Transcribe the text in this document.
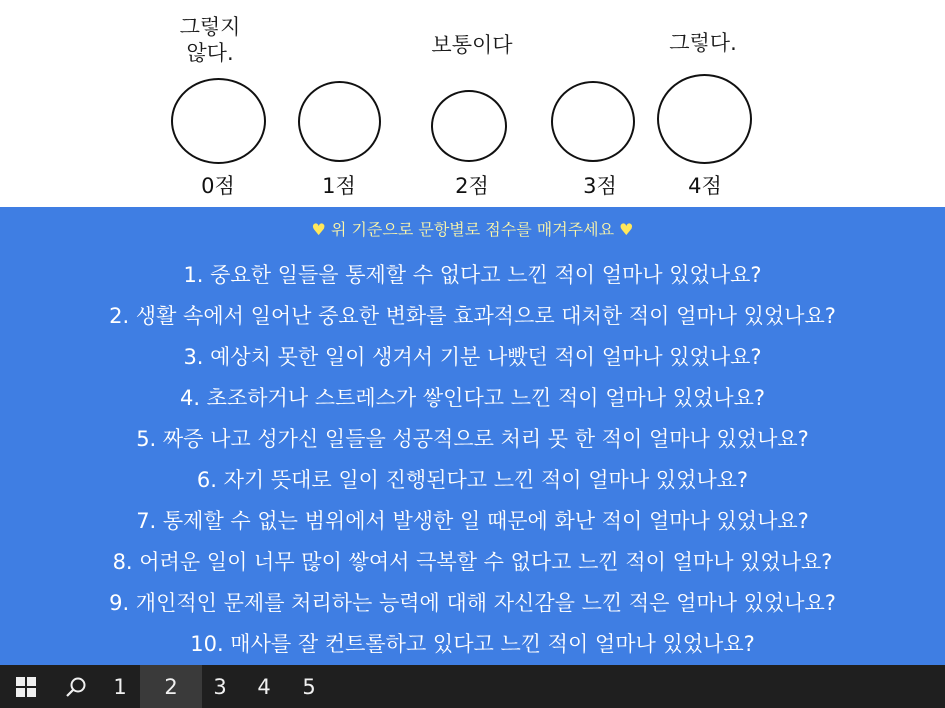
그렇지
않다.	보통이다	그렇다.
0점	1점	2점	3점	4점
♥ 위 기준으로 문항별로 점수를 매겨주세요 ♥
1. 중요한 일들을 통제할 수 없다고 느낀 적이 얼마나 있었나요?
2. 생활 속에서 일어난 중요한 변화를 효과적으로 대처한 적이 얼마나 있었나요?
3. 예상치 못한 일이 생겨서 기분 나빴던 적이 얼마나 있었나요?
4. 초조하거나 스트레스가 쌓인다고 느낀 적이 얼마나 있었나요?
5. 짜증 나고 성가신 일들을 성공적으로 처리 못 한 적이 얼마나 있었나요?
6. 자기 뜻대로 일이 진행된다고 느낀 적이 얼마나 있었나요?
7. 통제할 수 없는 범위에서 발생한 일 때문에 화난 적이 얼마나 있었나요?
8. 어려운 일이 너무 많이 쌓여서 극복할 수 없다고 느낀 적이 얼마나 있었나요?
9. 개인적인 문제를 처리하는 능력에 대해 자신감을 느낀 적은 얼마나 있었나요?
10. 매사를 잘 컨트롤하고 있다고 느낀 적이 얼마나 있었나요?
1	2	3	4	5
